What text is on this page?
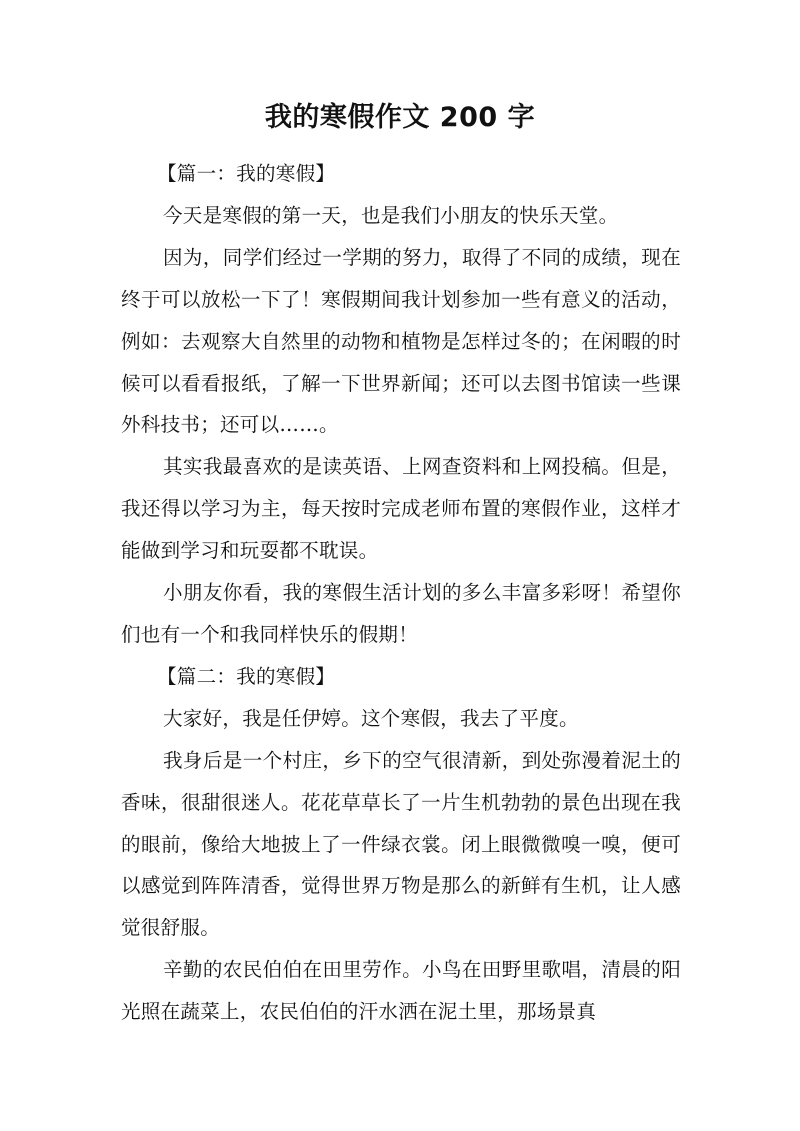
我的寒假作文 200 字

【篇一：我的寒假】

今天是寒假的第一天，也是我们小朋友的快乐天堂。

因为，同学们经过一学期的努力，取得了不同的成绩，现在终于可以放松一下了！寒假期间我计划参加一些有意义的活动，例如：去观察大自然里的动物和植物是怎样过冬的；在闲暇的时候可以看看报纸，了解一下世界新闻；还可以去图书馆读一些课外科技书；还可以……。

其实我最喜欢的是读英语、上网查资料和上网投稿。但是，我还得以学习为主，每天按时完成老师布置的寒假作业，这样才能做到学习和玩耍都不耽误。

小朋友你看，我的寒假生活计划的多么丰富多彩呀！希望你们也有一个和我同样快乐的假期！

【篇二：我的寒假】

大家好，我是任伊婷。这个寒假，我去了平度。

我身后是一个村庄，乡下的空气很清新，到处弥漫着泥土的香味，很甜很迷人。花花草草长了一片生机勃勃的景色出现在我的眼前，像给大地披上了一件绿衣裳。闭上眼微微嗅一嗅，便可以感觉到阵阵清香，觉得世界万物是那么的新鲜有生机，让人感觉很舒服。

辛勤的农民伯伯在田里劳作。小鸟在田野里歌唱，清晨的阳光照在蔬菜上，农民伯伯的汗水洒在泥土里，那场景真
